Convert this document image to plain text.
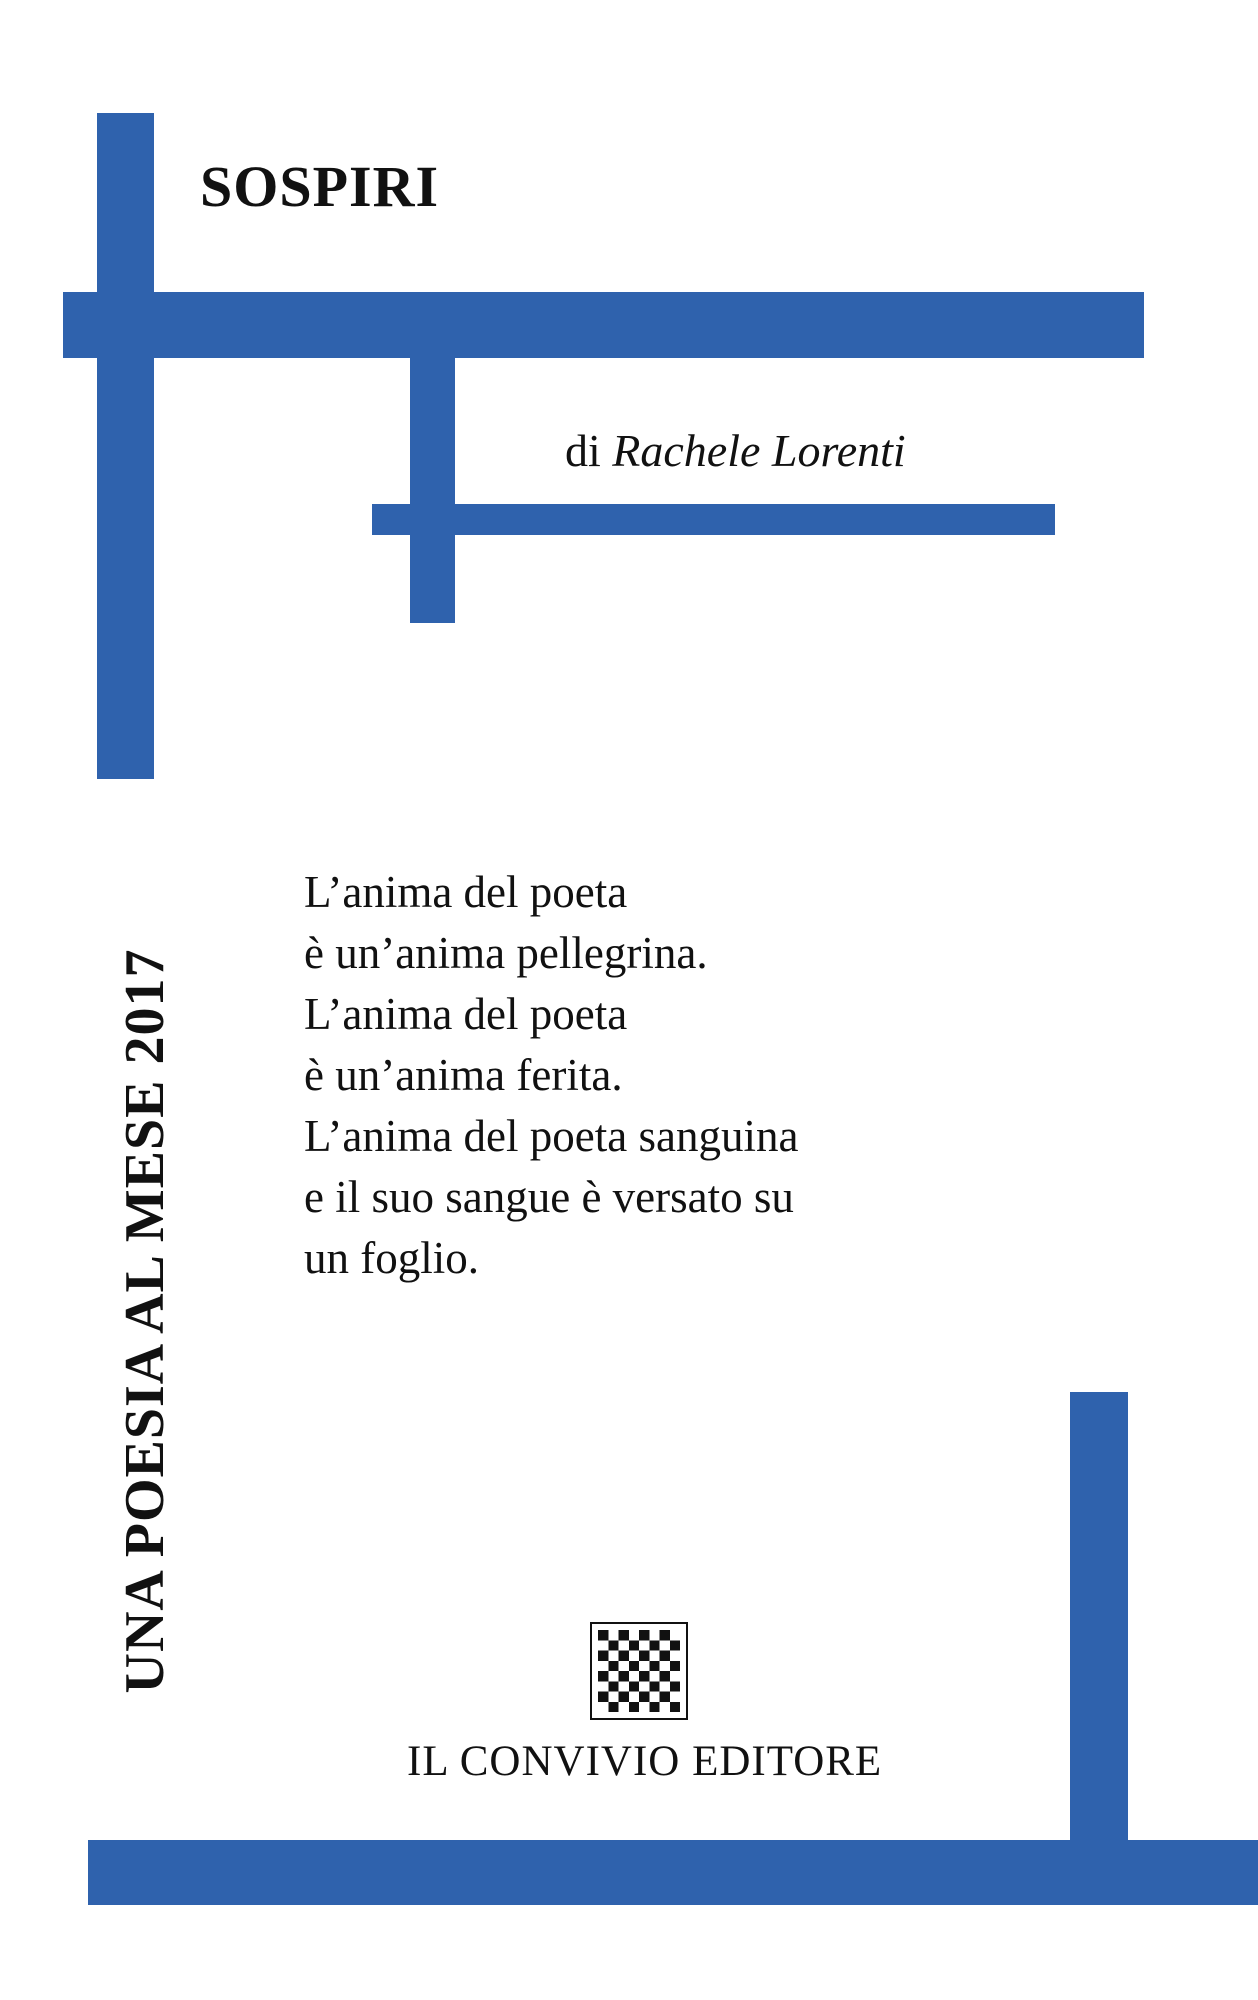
SOSPIRI
di Rachele Lorenti
UNA POESIA AL MESE 2017
L’anima del poeta
è un’anima pellegrina.
L’anima del poeta
è un’anima ferita.
L’anima del poeta sanguina
e il suo sangue è versato su
un foglio.
IL CONVIVIO EDITORE
